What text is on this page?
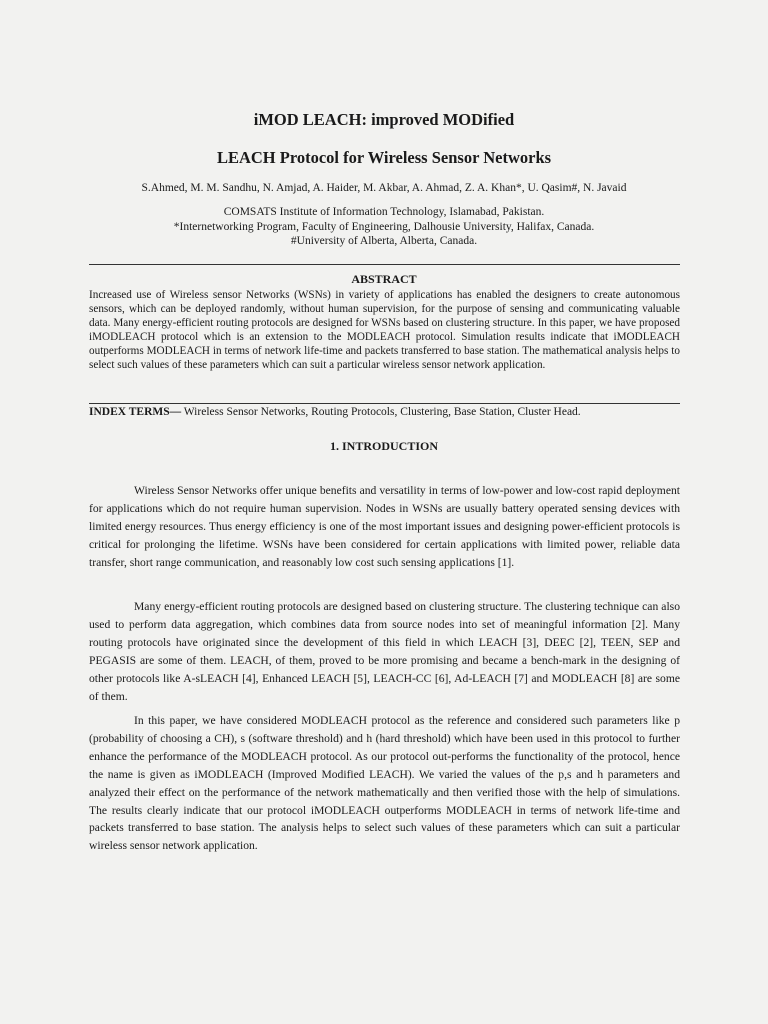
iMOD LEACH: improved MODified
LEACH Protocol for Wireless Sensor Networks
S.Ahmed, M. M. Sandhu, N. Amjad, A. Haider, M. Akbar, A. Ahmad, Z. A. Khan*, U. Qasim#, N. Javaid
COMSATS Institute of Information Technology, Islamabad, Pakistan.
*Internetworking Program, Faculty of Engineering, Dalhousie University, Halifax, Canada.
#University of Alberta, Alberta, Canada.
ABSTRACT
Increased use of Wireless sensor Networks (WSNs) in variety of applications has enabled the designers to create autonomous sensors, which can be deployed randomly, without human supervision, for the purpose of sensing and communicating valuable data. Many energy-efficient routing protocols are designed for WSNs based on clustering structure. In this paper, we have proposed iMODLEACH protocol which is an extension to the MODLEACH protocol. Simulation results indicate that iMODLEACH outperforms MODLEACH in terms of network life-time and packets transferred to base station. The mathematical analysis helps to select such values of these parameters which can suit a particular wireless sensor network application.
INDEX TERMS— Wireless Sensor Networks, Routing Protocols, Clustering, Base Station, Cluster Head.
1. INTRODUCTION

Wireless Sensor Networks offer unique benefits and versatility in terms of low-power and low-cost rapid deployment for applications which do not require human supervision. Nodes in WSNs are usually battery operated sensing devices with limited energy resources. Thus energy efficiency is one of the most important issues and designing power-efficient protocols is critical for prolonging the lifetime. WSNs have been considered for certain applications with limited power, reliable data transfer, short range communication, and reasonably low cost such sensing applications [1].

Many energy-efficient routing protocols are designed based on clustering structure. The clustering technique can also used to perform data aggregation, which combines data from source nodes into set of meaningful information [2]. Many routing protocols have originated since the development of this field in which LEACH [3], DEEC [2], TEEN, SEP and PEGASIS are some of them. LEACH, of them, proved to be more promising and became a bench-mark in the designing of other protocols like A-sLEACH [4], Enhanced LEACH [5], LEACH-CC [6], Ad-LEACH [7] and MODLEACH [8] are some of them.

In this paper, we have considered MODLEACH protocol as the reference and considered such parameters like p (probability of choosing a CH), s (software threshold) and h (hard threshold) which have been used in this protocol to further enhance the performance of the MODLEACH protocol. As our protocol out-performs the functionality of the protocol, hence the name is given as iMODLEACH (Improved Modified LEACH). We varied the values of the p,s and h parameters and analyzed their effect on the performance of the network mathematically and then verified those with the help of simulations. The results clearly indicate that our protocol iMODLEACH outperforms MODLEACH in terms of network life-time and packets transferred to base station. The analysis helps to select such values of these parameters which can suit a particular wireless sensor network application.
